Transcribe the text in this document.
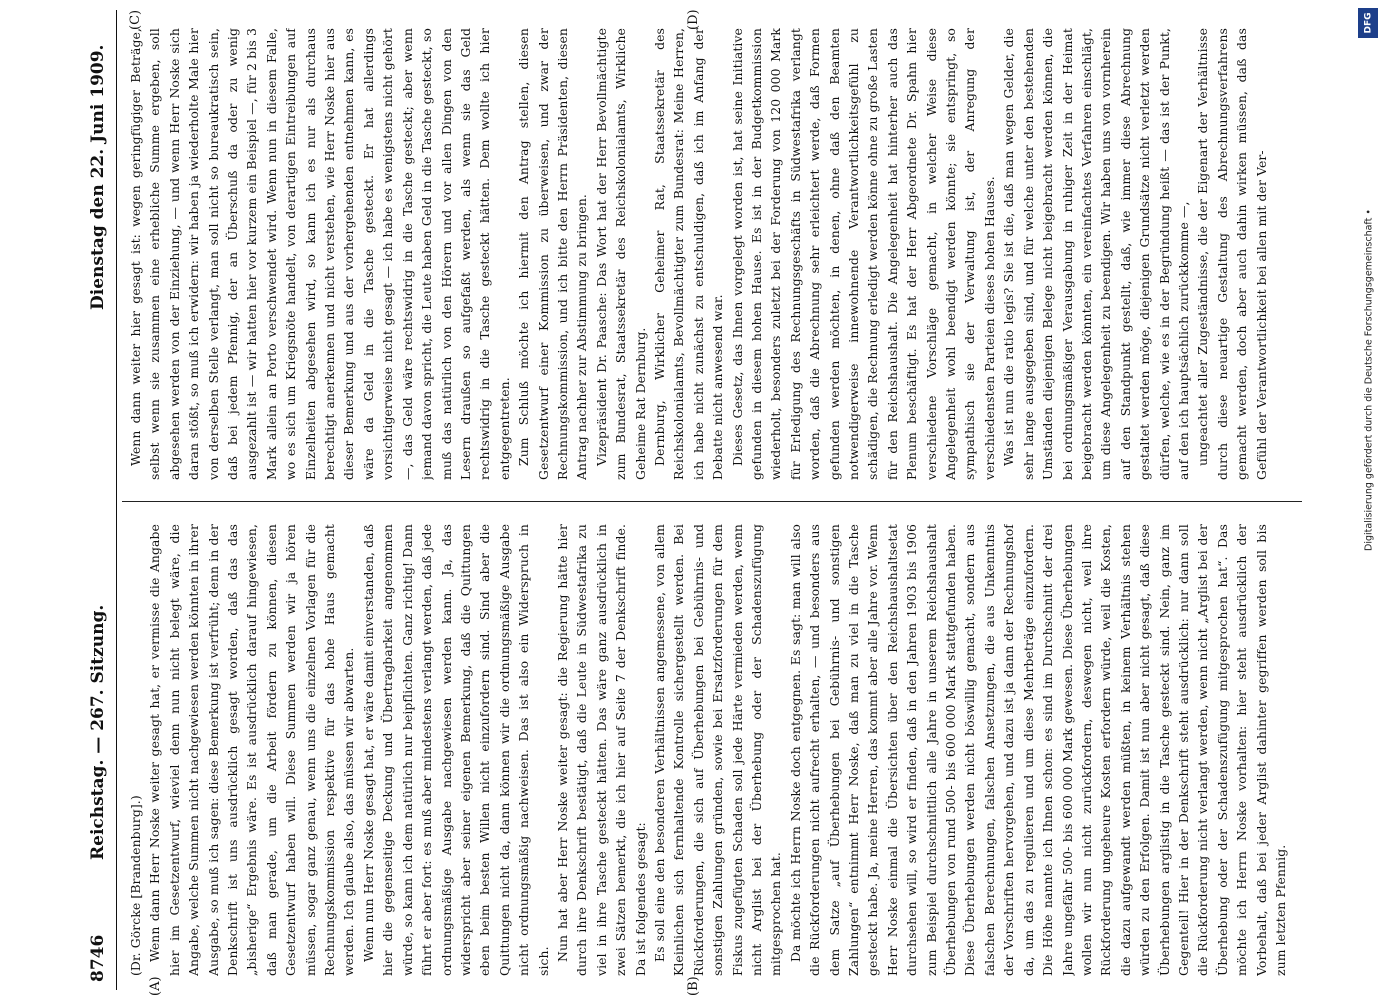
8746
Reichstag. — 267. Sitzung.
Dienstag den 22. Juni 1909.
(A)	(B)
(C)	(D)

(Dr. Görcke [Brandenburg].) Wenn dann Herr Noske weiter gesagt hat, er vermisse die Angabe hier im Gesetzentwurf, wieviel denn nun nicht belegt wäre, die Angabe, welche Summen nicht nachgewiesen werden könnten in ihrer Ausgabe, so muß ich sagen: diese Bemerkung ist verfrüht; denn in der Denkschrift ist uns ausdrücklich gesagt worden, daß das das „bisherige“ Ergebnis wäre. Es ist ausdrücklich darauf hingewiesen, daß man gerade, um die Arbeit fördern zu können, diesen Gesetzentwurf haben will. Diese Summen werden wir ja hören müssen, sogar ganz genau, wenn uns die einzelnen Vorlagen für die Rechnungskommission respektive für das hohe Haus gemacht werden. Ich glaube also, das müssen wir abwarten. Wenn nun Herr Noske gesagt hat, er wäre damit einverstanden, daß hier die gegenseitige Deckung und Übertragbarkeit angenommen würde, so kann ich dem natürlich nur beipflichten. Ganz richtig! Dann führt er aber fort: es muß aber mindestens verlangt werden, daß jede ordnungsmäßige Ausgabe nachgewiesen werden kann. Ja, das widerspricht aber seiner eigenen Bemerkung, daß die Quittungen eben beim besten Willen nicht einzufordern sind. Sind aber die Quittungen nicht da, dann können wir die ordnungsmäßige Ausgabe nicht ordnungsmäßig nachweisen. Das ist also ein Widerspruch in sich. Nun hat aber Herr Noske weiter gesagt: die Regierung hätte hier durch ihre Denkschrift bestätigt, daß die Leute in Südwestafrika zu viel in ihre Tasche gesteckt hätten. Das wäre ganz ausdrücklich in zwei Sätzen bemerkt, die ich hier auf Seite 7 der Denkschrift finde. Da ist folgendes gesagt: Es soll eine den besonderen Verhältnissen angemessene, von allem Kleinlichen sich fernhaltende Kontrolle sichergestellt werden. Bei Rückforderungen, die sich auf Überhebungen bei Gebührnis- und sonstigen Zahlungen gründen, sowie bei Ersatzforderungen für dem Fiskus zugefügten Schaden soll jede Härte vermieden werden, wenn nicht Arglist bei der Überhebung oder der Schadenszufügung mitgesprochen hat. Da möchte ich Herrn Noske doch entgegnen. Es sagt: man will also die Rückforderungen nicht aufrecht erhalten, — und besonders aus dem Satze „auf Überhebungen bei Gebührnis- und sonstigen Zahlungen“ entnimmt Herr Noske, daß man zu viel in die Tasche gesteckt habe. Ja, meine Herren, das kommt aber alle Jahre vor. Wenn Herr Noske einmal die Übersichten über den Reichshaushaltsetat durchsehen will, so wird er finden, daß in den Jahren 1903 bis 1906 zum Beispiel durchschnittlich alle Jahre in unserem Reichshaushalt Überhebungen von rund 500- bis 600 000 Mark stattgefunden haben. Diese Überhebungen werden nicht böswillig gemacht, sondern aus falschen Berechnungen, falschen Ansetzungen, die aus Unkenntnis der Vorschriften hervorgehen, und dazu ist ja dann der Rechnungshof da, um das zu regulieren und um diese Mehrbeträge einzufordern. Die Höhe nannte ich Ihnen schon: es sind im Durchschnitt der drei Jahre ungefähr 500- bis 600 000 Mark gewesen. Diese Überhebungen wollen wir nun nicht zurückfordern, deswegen nicht, weil ihre Rückforderung ungeheure Kosten erfordern würde, weil die Kosten, die dazu aufgewandt werden müßten, in keinem Verhältnis stehen würden zu den Erfolgen. Damit ist nun aber nicht gesagt, daß diese Überhebungen arglistig in die Tasche gesteckt sind. Nein, ganz im Gegenteil! Hier in der Denkschrift steht ausdrücklich: nur dann soll die Rückforderung nicht verlangt werden, wenn nicht „Arglist bei der Überhebung oder der Schadenszufügung mitgesprochen hat“. Das möchte ich Herrn Noske vorhalten: hier steht ausdrücklich der Vorbehalt, daß bei jeder Arglist dahinter gegriffen werden soll bis zum letzten Pfennig.

Wenn dann weiter hier gesagt ist: wegen geringfügiger Beträge, selbst wenn sie zusammen eine erhebliche Summe ergeben, soll abgesehen werden von der Einziehung, — und wenn Herr Noske sich daran stößt, so muß ich erwidern: wir haben ja wiederholte Male hier von derselben Stelle verlangt, man soll nicht so bureaukratisch sein, daß bei jedem Pfennig, der an Überschuß da oder zu wenig ausgezahlt ist — wir hatten hier vor kurzem ein Beispiel —, für 2 bis 3 Mark allein an Porto verschwendet wird. Wenn nun in diesem Falle, wo es sich um Kriegsnöte handelt, von derartigen Eintreibungen auf Einzelheiten abgesehen wird, so kann ich es nur als durchaus berechtigt anerkennen und nicht verstehen, wie Herr Noske hier aus dieser Bemerkung und aus der vorhergehenden entnehmen kann, es wäre da Geld in die Tasche gesteckt. Er hat allerdings vorsichtigerweise nicht gesagt — ich habe es wenigstens nicht gehört —, das Geld wäre rechtswidrig in die Tasche gesteckt; aber wenn jemand davon spricht, die Leute haben Geld in die Tasche gesteckt, so muß das natürlich von den Hörern und vor allen Dingen von den Lesern draußen so aufgefaßt werden, als wenn sie das Geld rechtswidrig in die Tasche gesteckt hätten. Dem wollte ich hier entgegentreten. Zum Schluß möchte ich hiermit den Antrag stellen, diesen Gesetzentwurf einer Kommission zu überweisen, und zwar der Rechnungskommission, und ich bitte den Herrn Präsidenten, diesen Antrag nachher zur Abstimmung zu bringen. Vizepräsident Dr. Paasche: Das Wort hat der Herr Bevollmächtigte zum Bundesrat, Staatssekretär des Reichskolonialamts, Wirkliche Geheime Rat Dernburg. Dernburg, Wirklicher Geheimer Rat, Staatssekretär des Reichskolonialamts, Bevollmächtigter zum Bundesrat: Meine Herren, ich habe nicht zunächst zu entschuldigen, daß ich im Anfang der Debatte nicht anwesend war. Dieses Gesetz, das Ihnen vorgelegt worden ist, hat seine Initiative gefunden in diesem hohen Hause. Es ist in der Budgetkommission wiederholt, besonders zuletzt bei der Forderung von 120 000 Mark für Erledigung des Rechnungsgeschäfts in Südwestafrika verlangt worden, daß die Abrechnung sehr erleichtert werde, daß Formen gefunden werden möchten, in denen, ohne daß den Beamten notwendigerweise innewohnende Verantwortlichkeitsgefühl zu schädigen, die Rechnung erledigt werden könne ohne zu große Lasten für den Reichshaushalt. Die Angelegenheit hat hinterher auch das Plenum beschäftigt. Es hat der Herr Abgeordnete Dr. Spahn hier verschiedene Vorschläge gemacht, in welcher Weise diese Angelegenheit wohl beendigt werden könnte; sie entspringt, so sympathisch sie der Verwaltung ist, der Anregung der verschiedensten Parteien dieses hohen Hauses. Was ist nun die ratio legis? Sie ist die, daß man wegen Gelder, die sehr lange ausgegeben sind, und für welche unter den bestehenden Umständen diejenigen Belege nicht beigebracht werden können, die bei ordnungsmäßiger Verausgabung in ruhiger Zeit in der Heimat beigebracht werden könnten, ein vereinfachtes Verfahren einschlägt, um diese Angelegenheit zu beendigen. Wir haben uns von vornherein auf den Standpunkt gestellt, daß, wie immer diese Abrechnung gestaltet werden möge, diejenigen Grundsätze nicht verletzt werden dürfen, welche, wie es in der Begründung heißt — das ist der Punkt, auf den ich hauptsächlich zurückkomme —, ungeachtet aller Zugeständnisse, die der Eigenart der Verhältnisse durch diese neuartige Gestaltung des Abrechnungsverfahrens gemacht werden, doch aber auch dahin wirken müssen, daß das Gefühl der Verantwortlichkeit bei allen mit der Ver-

DFG
Digitalisierung gefördert durch die Deutsche Forschungsgemeinschaft •
